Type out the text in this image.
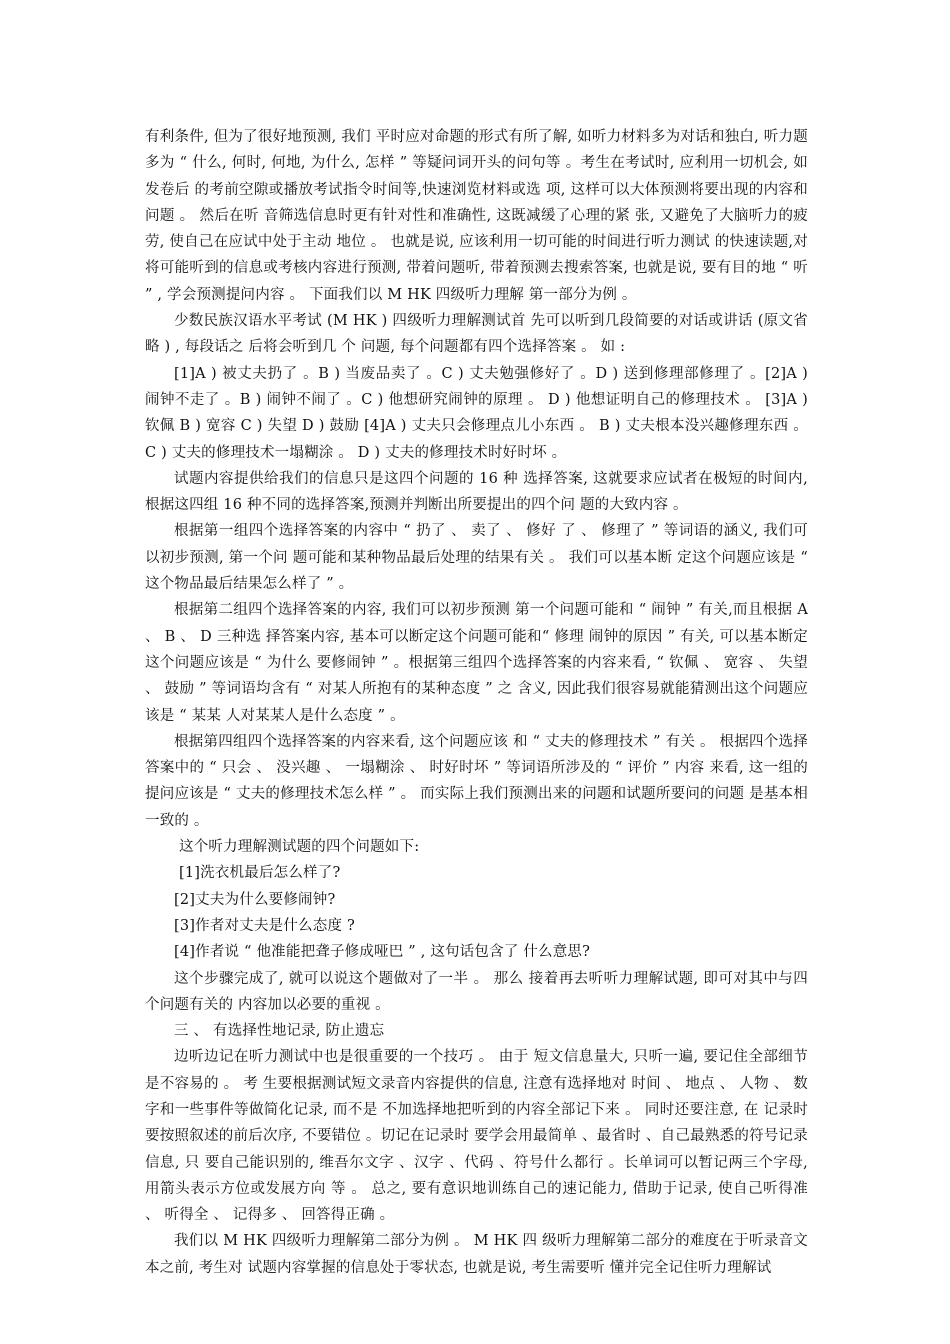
有利条件, 但为了很好地预测, 我们 平时应对命题的形式有所了解, 如听力材料多为对话和独白, 听力题多为 “ 什么, 何时, 何地, 为什么, 怎样 ” 等疑问词开头的问句等 。考生在考试时, 应利用一切机会, 如发卷后 的考前空隙或播放考试指令时间等,快速浏览材料或选 项, 这样可以大体预测将要出现的内容和问题 。 然后在听 音筛选信息时更有针对性和准确性, 这既减缓了心理的紧 张, 又避免了大脑听力的疲劳, 使自己在应试中处于主动 地位 。 也就是说, 应该利用一切可能的时间进行听力测试 的快速读题,对将可能听到的信息或考核内容进行预测, 带着问题听, 带着预测去搜索答案, 也就是说, 要有目的地 “ 听 ” , 学会预测提问内容 。 下面我们以 M HK 四级听力理解 第一部分为例 。

少数民族汉语水平考试 (M HK ) 四级听力理解测试首 先可以听到几段简要的对话或讲话 (原文省略 ) , 每段话之 后将会听到几 个 问题, 每个问题都有四个选择答案 。 如 :

[1]A ) 被丈夫扔了 。B ) 当废品卖了 。C ) 丈夫勉强修好了 。D ) 送到修理部修理了 。[2]A ) 闹钟不走了 。B ) 闹钟不闹了 。C ) 他想研究闹钟的原理 。 D ) 他想证明自己的修理技术 。 [3]A ) 钦佩 B ) 宽容 C ) 失望 D ) 鼓励 [4]A ) 丈夫只会修理点儿小东西 。 B ) 丈夫根本没兴趣修理东西 。 C ) 丈夫的修理技术一塌糊涂 。 D ) 丈夫的修理技术时好时坏 。

试题内容提供给我们的信息只是这四个问题的 16 种 选择答案, 这就要求应试者在极短的时间内, 根据这四组 16 种不同的选择答案,预测并判断出所要提出的四个问 题的大致内容 。

根据第一组四个选择答案的内容中 “ 扔了 、 卖了 、 修好 了 、 修理了 ” 等词语的涵义, 我们可以初步预测, 第一个问 题可能和某种物品最后处理的结果有关 。 我们可以基本断 定这个问题应该是 “ 这个物品最后结果怎么样了 ” 。

根据第二组四个选择答案的内容, 我们可以初步预测 第一个问题可能和 “ 闹钟 ” 有关,而且根据 A 、 B 、 D 三种选 择答案内容, 基本可以断定这个问题可能和“ 修理 闹钟的原因 ” 有关, 可以基本断定这个问题应该是 “ 为什么 要修闹钟 ” 。根据第三组四个选择答案的内容来看, “ 钦佩 、 宽容 、 失望 、 鼓励 ” 等词语均含有 “ 对某人所抱有的某种态度 ” 之 含义, 因此我们很容易就能猜测出这个问题应该是 “ 某某 人对某某人是什么态度 ” 。

根据第四组四个选择答案的内容来看, 这个问题应该 和 “ 丈夫的修理技术 ” 有关 。 根据四个选择答案中的 “ 只会 、 没兴趣 、 一塌糊涂 、 时好时坏 ” 等词语所涉及的 “ 评价 ” 内容 来看, 这一组的提问应该是 “ 丈夫的修理技术怎么样 ” 。 而实际上我们预测出来的问题和试题所要问的问题 是基本相一致的 。

这个听力理解测试题的四个问题如下:

[1]洗衣机最后怎么样了?

[2]丈夫为什么要修闹钟?

[3]作者对丈夫是什么态度 ?

[4]作者说 “ 他准能把聋子修成哑巴 ” , 这句话包含了 什么意思?

这个步骤完成了, 就可以说这个题做对了一半 。 那么 接着再去听听力理解试题, 即可对其中与四个问题有关的 内容加以必要的重视 。

三 、 有选择性地记录, 防止遗忘

边听边记在听力测试中也是很重要的一个技巧 。 由于 短文信息量大, 只听一遍, 要记住全部细节是不容易的 。 考 生要根据测试短文录音内容提供的信息, 注意有选择地对 时间 、 地点 、 人物 、 数字和一些事件等做简化记录, 而不是 不加选择地把听到的内容全部记下来 。 同时还要注意, 在 记录时要按照叙述的前后次序, 不要错位 。切记在记录时 要学会用最简单 、最省时 、自己最熟悉的符号记录信息, 只 要自己能识别的, 维吾尔文字 、汉字 、代码 、符号什么都行 。长单词可以暂记两三个字母, 用箭头表示方位或发展方向 等 。 总之, 要有意识地训练自己的速记能力, 借助于记录, 使自己听得准 、 听得全 、 记得多 、 回答得正确 。

我们以 M HK 四级听力理解第二部分为例 。 M HK 四 级听力理解第二部分的难度在于听录音文本之前, 考生对 试题内容掌握的信息处于零状态, 也就是说, 考生需要听 懂并完全记住听力理解试
